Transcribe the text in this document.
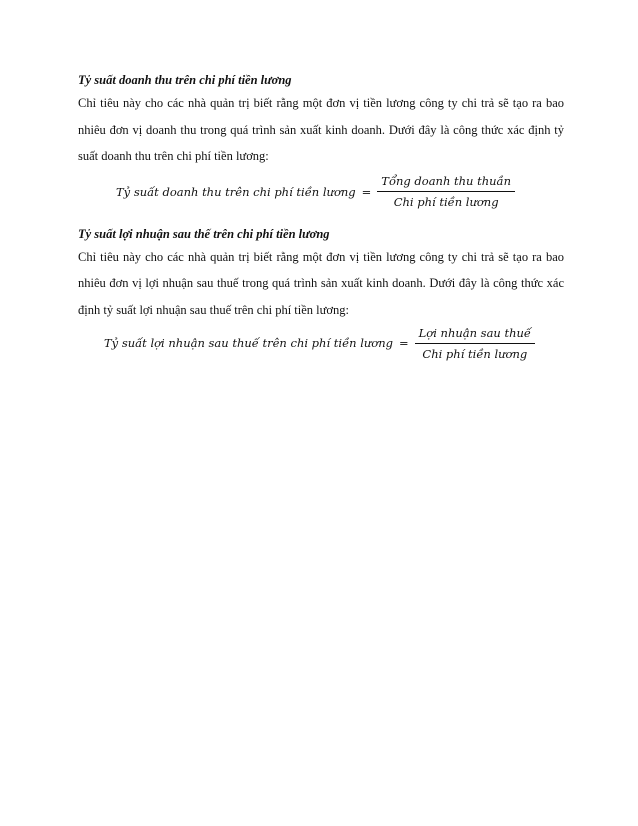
Tỷ suất doanh thu trên chi phí tiền lương

Chỉ tiêu này cho các nhà quản trị biết rằng một đơn vị tiền lương công ty chi trả sẽ tạo ra bao nhiêu đơn vị doanh thu trong quá trình sản xuất kinh doanh. Dưới đây là công thức xác định tỷ suất doanh thu trên chi phí tiền lương:

Tỷ suất doanh thu trên chi phí tiền lương = $\frac{\text{Tổng doanh thu thuần}}{\text{Chi phí tiền lương}}$

Tỷ suất lợi nhuận sau thế trên chi phí tiền lương

Chỉ tiêu này cho các nhà quản trị biết rằng một đơn vị tiền lương công ty chi trả sẽ tạo ra bao nhiêu đơn vị lợi nhuận sau thuế trong quá trình sản xuất kinh doanh. Dưới đây là công thức xác định tỷ suất lợi nhuận sau thuế trên chi phí tiền lương:

Tỷ suất lợi nhuận sau thuế trên chi phí tiền lương = $\frac{\text{Lợi nhuận sau thuế}}{\text{Chi phí tiền lương}}$
